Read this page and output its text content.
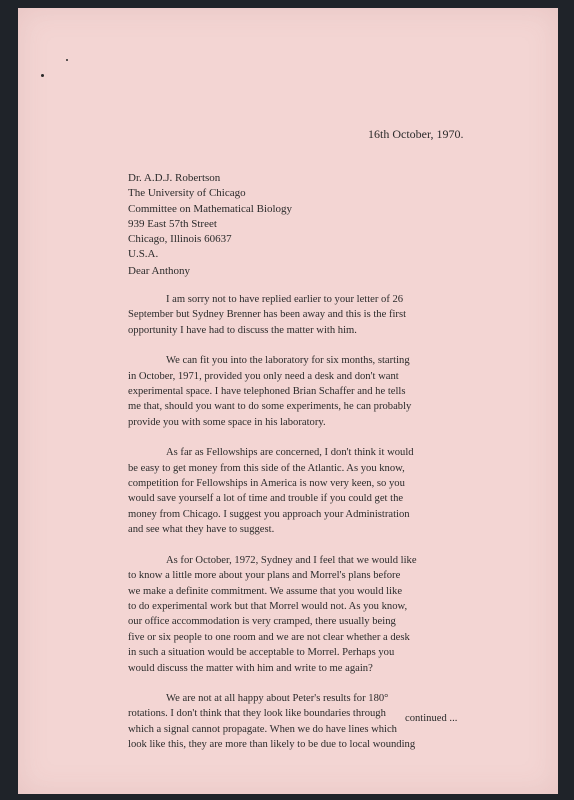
16th October, 1970.
Dr. A.D.J. Robertson
The University of Chicago
Committee on Mathematical Biology
939 East 57th Street
Chicago, Illinois 60637
U.S.A.
Dear Anthony
I am sorry not to have replied earlier to your letter of 26
September but Sydney Brenner has been away and this is the first
opportunity I have had to discuss the matter with him.
We can fit you into the laboratory for six months, starting
in October, 1971, provided you only need a desk and don't want
experimental space. I have telephoned Brian Schaffer and he tells
me that, should you want to do some experiments, he can probably
provide you with some space in his laboratory.
As far as Fellowships are concerned, I don't think it would
be easy to get money from this side of the Atlantic. As you know,
competition for Fellowships in America is now very keen, so you
would save yourself a lot of time and trouble if you could get the
money from Chicago. I suggest you approach your Administration
and see what they have to suggest.
As for October, 1972, Sydney and I feel that we would like
to know a little more about your plans and Morrel's plans before
we make a definite commitment. We assume that you would like
to do experimental work but that Morrel would not. As you know,
our office accommodation is very cramped, there usually being
five or six people to one room and we are not clear whether a desk
in such a situation would be acceptable to Morrel. Perhaps you
would discuss the matter with him and write to me again?
We are not at all happy about Peter's results for 180°
rotations. I don't think that they look like boundaries through
which a signal cannot propagate. When we do have lines which
look like this, they are more than likely to be due to local wounding
continued ...
